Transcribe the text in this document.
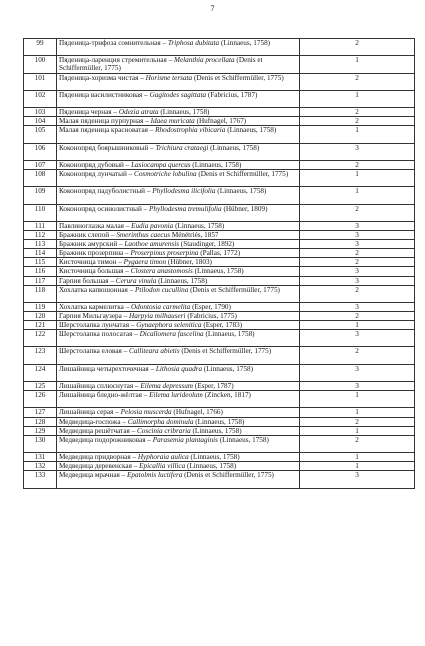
7
99	Пяденица-трифоза сомнительная – Triphosa dubitata (Linnaeus, 1758)	2
100	Пяденица-ларенция стремительная – Melanthia procellata (Denis et Schiffermüller, 1775)	1
101	Пяденица-хоризма чистая – Horisme tersata (Denis et Schiffermüller, 1775)	2
102	Пяденица василистниковая – Gagitodes sagittata (Fabricius, 1787)	1
103	Пяденица черная – Odezia atrata (Linnaeus, 1758)	2
104	Малая пяденица пурпурная – Idaea muricata (Hufnagel, 1767)	2
105	Малая пяденица красноватая – Rhodostrophia vibicaria (Linnaeus, 1758)	1
106	Коконопряд боярышниковый – Trichiura crataegi (Linnaeus, 1758)	3
107	Коконопряд дубовый – Lasiocampa quercus (Linnaeus, 1758)	2
108	Коконопряд лунчатый – Cosmotriche lobulina (Denis et Schiffermüller, 1775)	1
109	Коконопряд падуболистный – Phyllodesma ilicifolia (Linnaeus, 1758)	1
110	Коконопряд осинолистный – Phyllodesma tremulifolia (Hübner, 1809)	2
111	Павлиноглазка малая – Eudia pavonia (Linnaeus, 1758)	3
112	Бражник слепой – Smerinthus caecus Ménétriés, 1857	3
113	Бражник амурский – Laothoe amurensis (Staudinger, 1892)	3
114	Бражник прозерпина – Proserpinus proserpina (Pallas, 1772)	2
115	Кисточница тимон – Pygaera timon (Hübner, 1803)	2
116	Кисточница большая – Clostera anastomosis (Linnaeus, 1758)	3
117	Гарпия большая – Cerura vinula (Linnaeus, 1758)	3
118	Хохлатка капюшонная – Ptilodon cucullina (Denis et Schiffermüller, 1775)	2
119	Хохлатка кармелитка – Odontosia carmelita (Esper, 1790)	3
120	Гарпия Мильгаузера – Harpyia milhauseri (Fabricius, 1775)	2
121	Шерстолапка лунчатая – Gynaephora selenitica (Esper, 1783)	1
122	Шерстолапка полосатая – Dicallomera fascelina (Linnaeus, 1758)	3
123	Шерстолапка еловая – Calliteara abietis (Denis et Schiffermüller, 1775)	2
124	Лишайница четырехточечная – Lithosia quadra (Linnaeus, 1758)	3
125	Лишайница сплюснутая – Eilema depressum (Esper, 1787)	3
126	Лишайница бледно-жёлтая – Eilema lurideolum (Zincken, 1817)	1
127	Лишайница серая – Pelosia muscerda (Hufnagel, 1766)	1
128	Медведица-госпожа – Callimorpha dominula (Linnaeus, 1758)	2
129	Медведица решётчатая – Coscinia cribraria (Linnaeus, 1758)	1
130	Медведица подорожниковая – Parasemia plantaginis (Linnaeus, 1758)	2
131	Медведица придворная – Hyphoraia aulica (Linnaeus, 1758)	1
132	Медведица деревенская – Epicallia villica (Linnaeus, 1758)	1
133	Медведица мрачная – Epatolmis luctifera (Denis et Schiffermüller, 1775)	3
